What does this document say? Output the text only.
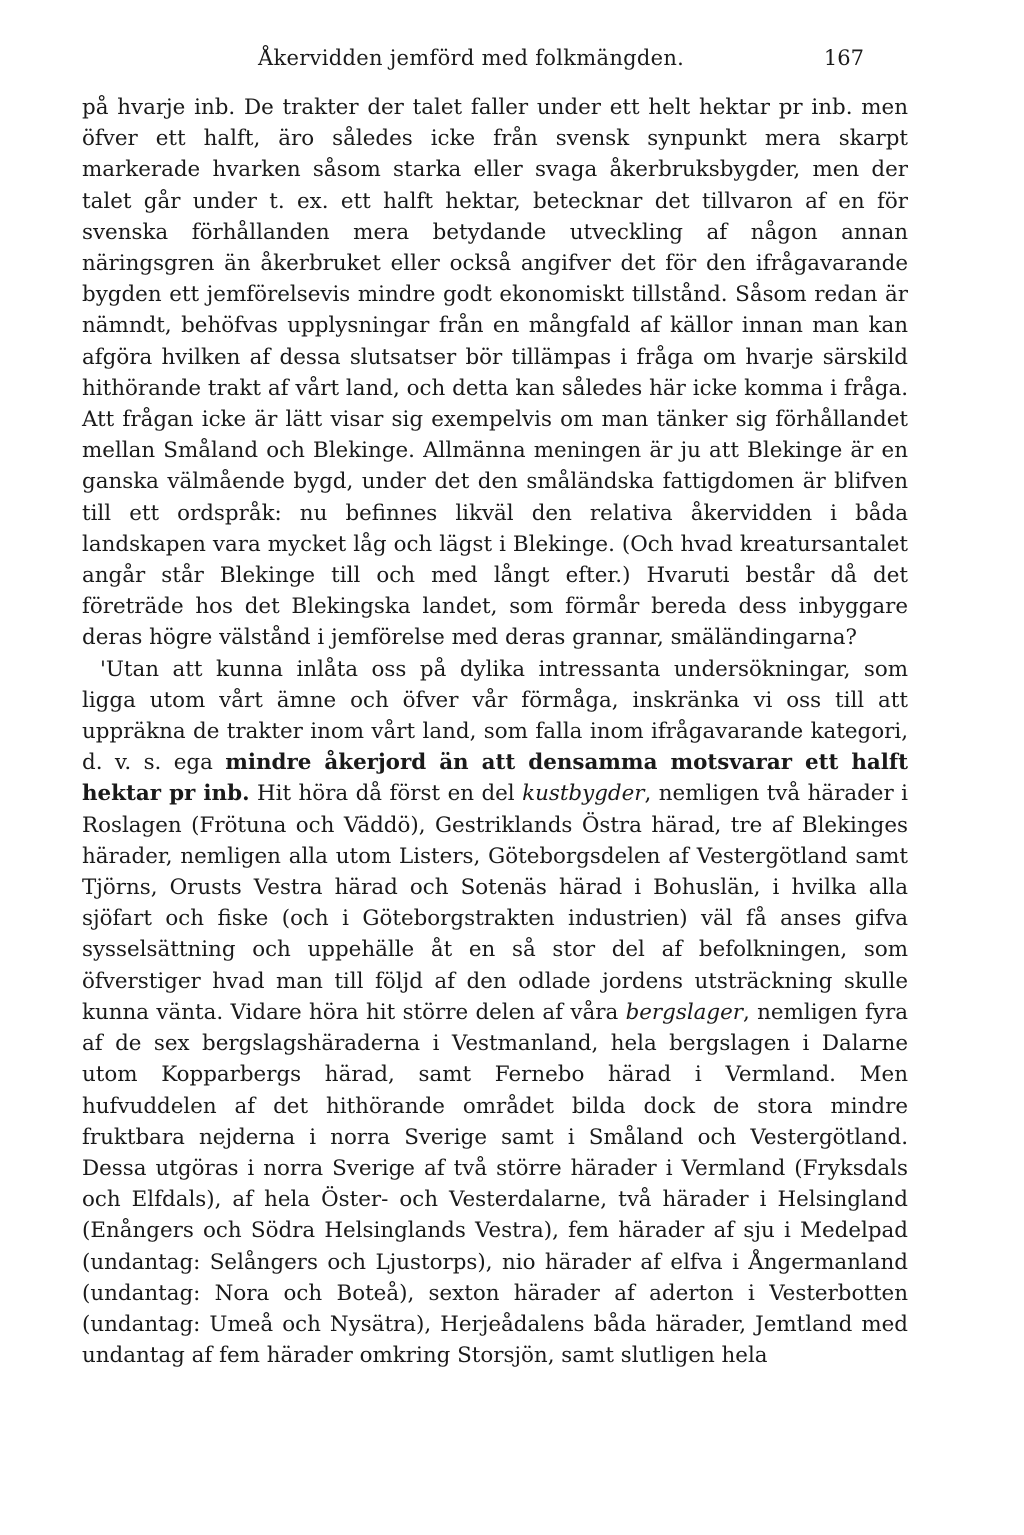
Åkervidden jemförd med folkmängden.	167

på hvarje inb. De trakter der talet faller under ett helt hektar pr inb. men öfver ett halft, äro således icke från svensk synpunkt mera skarpt markerade hvarken såsom starka eller svaga åkerbruksbygder, men der talet går under t. ex. ett halft hektar, betecknar det tillvaron af en för svenska förhållanden mera betydande utveckling af någon annan näringsgren än åkerbruket eller också angifver det för den ifrågavarande bygden ett jemförelsevis mindre godt ekonomiskt tillstånd. Såsom redan är nämndt, behöfvas upplysningar från en mångfald af källor innan man kan afgöra hvilken af dessa slutsatser bör tillämpas i fråga om hvarje särskild hithörande trakt af vårt land, och detta kan således här icke komma i fråga. Att frågan icke är lätt visar sig exempelvis om man tänker sig förhållandet mellan Småland och Blekinge. Allmänna meningen är ju att Blekinge är en ganska välmående bygd, under det den småländska fattigdomen är blifven till ett ordspråk: nu befinnes likväl den relativa åkervidden i båda landskapen vara mycket låg och lägst i Blekinge. (Och hvad kreatursantalet angår står Blekinge till och med långt efter.) Hvaruti består då det företräde hos det Blekingska landet, som förmår bereda dess inbyggare deras högre välstånd i jemförelse med deras grannar, smäländingarna?

'Utan att kunna inlåta oss på dylika intressanta undersökningar, som ligga utom vårt ämne och öfver vår förmåga, inskränka vi oss till att uppräkna de trakter inom vårt land, som falla inom ifrågavarande kategori, d. v. s. ega mindre åkerjord än att densamma motsvarar ett halft hektar pr inb. Hit höra då först en del kustbygder, nemligen två härader i Roslagen (Frötuna och Väddö), Gestriklands Östra härad, tre af Blekinges härader, nemligen alla utom Listers, Göteborgsdelen af Vestergötland samt Tjörns, Orusts Vestra härad och Sotenäs härad i Bohuslän, i hvilka alla sjöfart och fiske (och i Göteborgstrakten industrien) väl få anses gifva sysselsättning och uppehälle åt en så stor del af befolkningen, som öfverstiger hvad man till följd af den odlade jordens utsträckning skulle kunna vänta. Vidare höra hit större delen af våra bergslager, nemligen fyra af de sex bergslagshäraderna i Vestmanland, hela bergslagen i Dalarne utom Kopparbergs härad, samt Fernebo härad i Vermland. Men hufvuddelen af det hithörande området bilda dock de stora mindre fruktbara nejderna i norra Sverige samt i Småland och Vestergötland. Dessa utgöras i norra Sverige af två större härader i Vermland (Fryksdals och Elfdals), af hela Öster- och Vesterdalarne, två härader i Helsingland (Enångers och Södra Helsinglands Vestra), fem härader af sju i Medelpad (undantag: Selångers och Ljustorps), nio härader af elfva i Ångermanland (undantag: Nora och Boteå), sexton härader af aderton i Vesterbotten (undantag: Umeå och Nysätra), Herjeådalens båda härader, Jemtland med undantag af fem härader omkring Storsjön, samt slutligen hela
